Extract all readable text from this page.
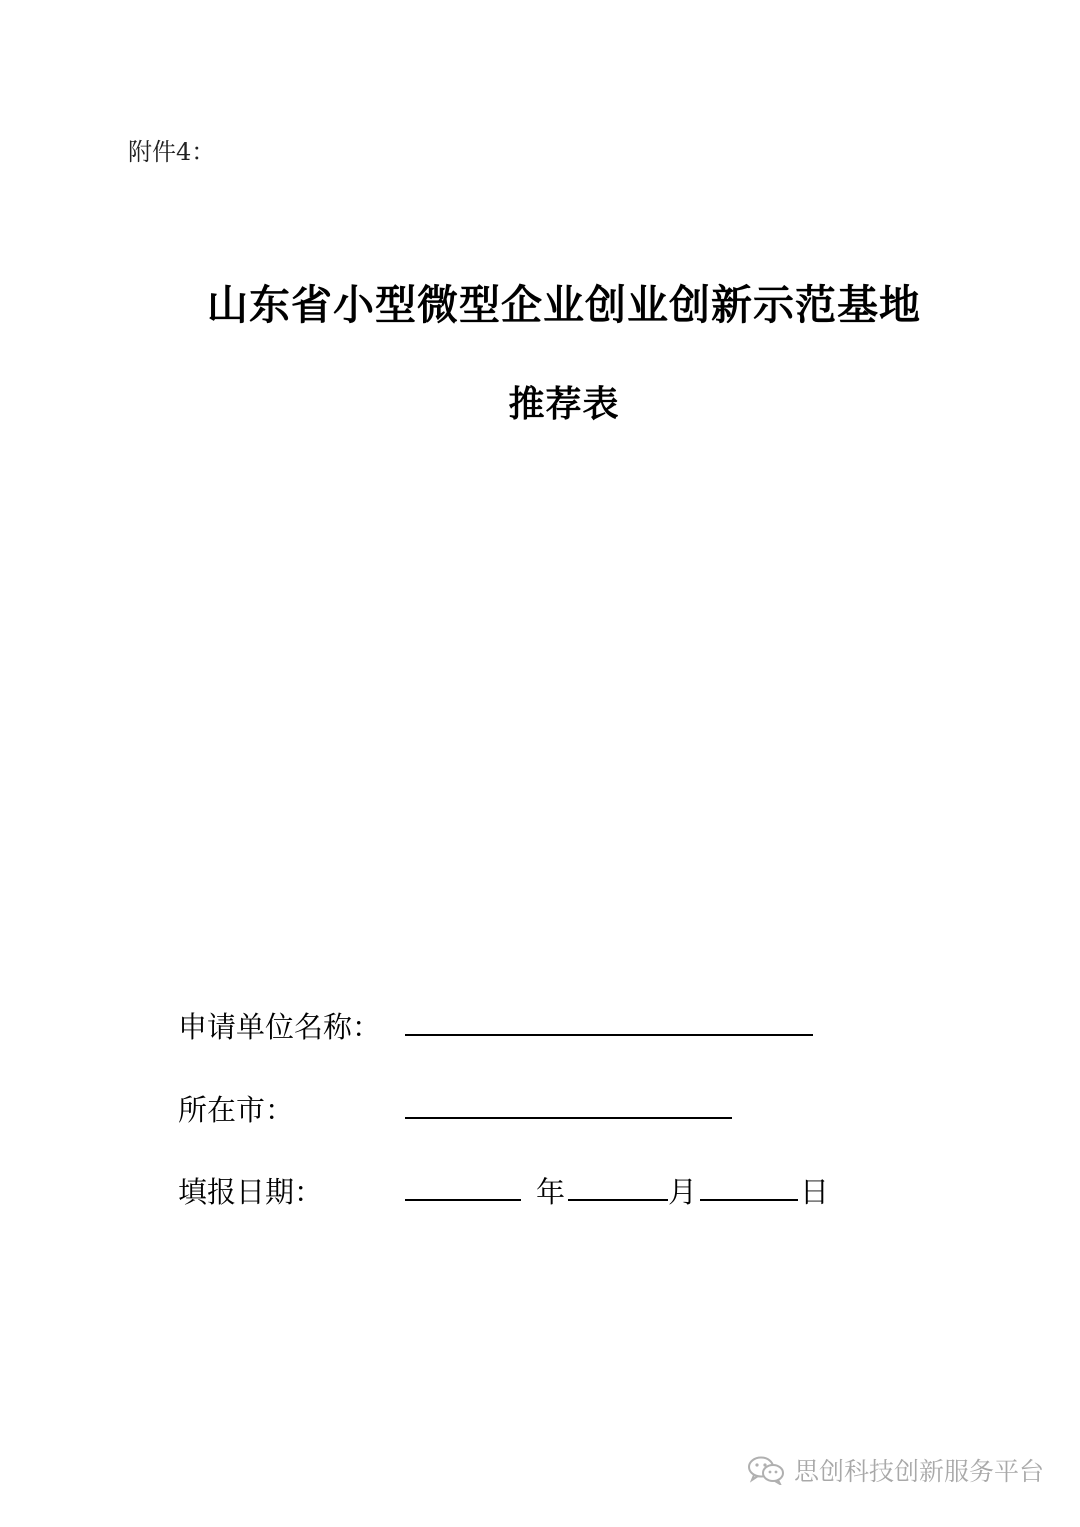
附件4：
山东省小型微型企业创业创新示范基地
推荐表
申请单位名称：
所在市：
填报日期：	年	月	日
思创科技创新服务平台
